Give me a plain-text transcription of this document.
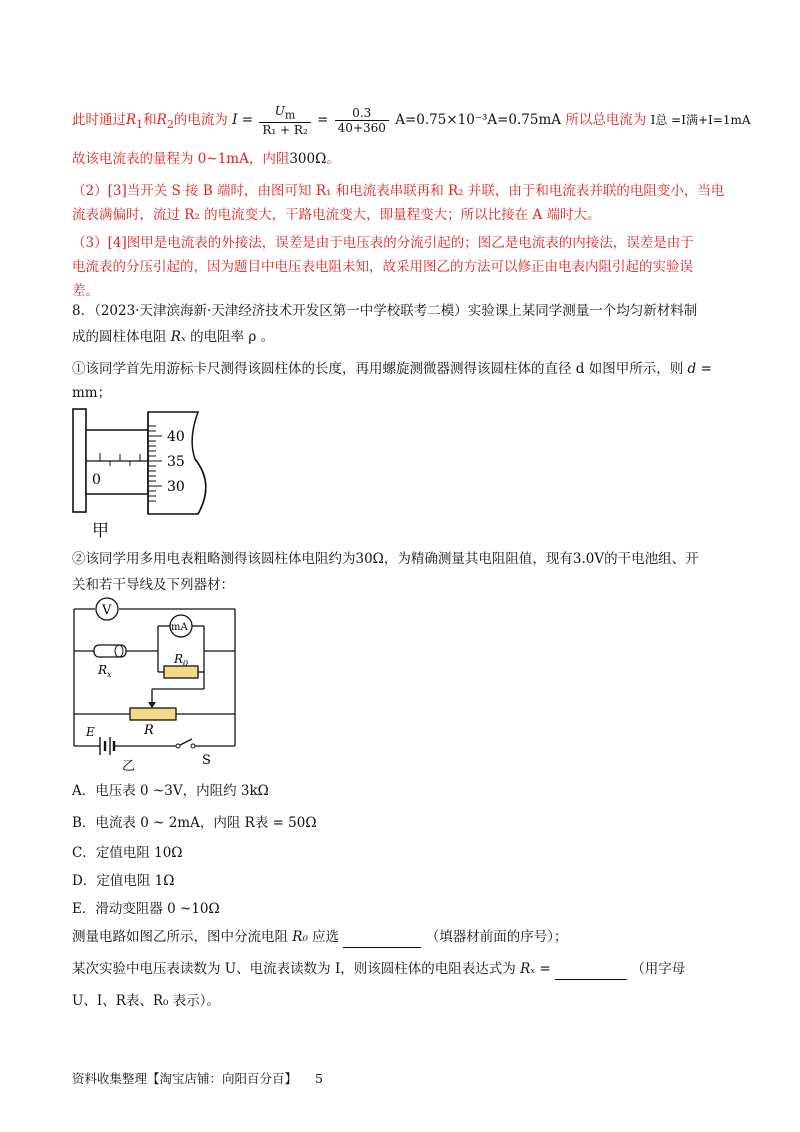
此时通过$R_1$和$R_2$的电流为 $I = \frac{U_m}{\text{R₁ + R₂}} = \frac{0.3}{40+360} A=0.75\times 10^{-3}A=0.75mA$ 所以总电流为 I总 =I满+I=1mA
故该电流表的量程为 0~1mA，内阻300Ω。
（2）[3]当开关 S 接 B 端时，由图可知 R₁ 和电流表串联再和 R₂ 并联，由于和电流表并联的电阻变小，当电
流表满偏时，流过 R₂ 的电流变大，干路电流变大，即量程变大；所以比接在 A 端时大。
（3）[4]图甲是电流表的外接法，误差是由于电压表的分流引起的；图乙是电流表的内接法，误差是由于
电流表的分压引起的，因为题目中电压表电阻未知，故采用图乙的方法可以修正由电表内阻引起的实验误
差。
8．（2023·天津滨海新·天津经济技术开发区第一中学校联考二模）实验课上某同学测量一个均匀新材料制
成的圆柱体电阻 Rₓ 的电阻率 ρ 。
①该同学首先用游标卡尺测得该圆柱体的长度，再用螺旋测微器测得该圆柱体的直径 d 如图甲所示，则 d =
mm；
0
40
35
30
甲
②该同学用多用电表粗略测得该圆柱体电阻约为30Ω，为精确测量其电阻阻值，现有3.0V的干电池组、开
关和若干导线及下列器材：
V
mA
$R_x$
$R_0$
R
E
S
乙
A．电压表 0 ~3V，内阻约 3kΩ
B．电流表 0 ~ 2mA，内阻 R表 = 50Ω
C．定值电阻 10Ω
D．定值电阻 1Ω
E．滑动变阻器 0 ~10Ω
测量电路如图乙所示，图中分流电阻 R₀ 应选	（填器材前面的序号）；
某次实验中电压表读数为 U、电流表读数为 I，则该圆柱体的电阻表达式为 Rₓ =	（用字母
U、I、R表、R₀ 表示）。
资料收集整理【淘宝店铺：向阳百分百】 5
